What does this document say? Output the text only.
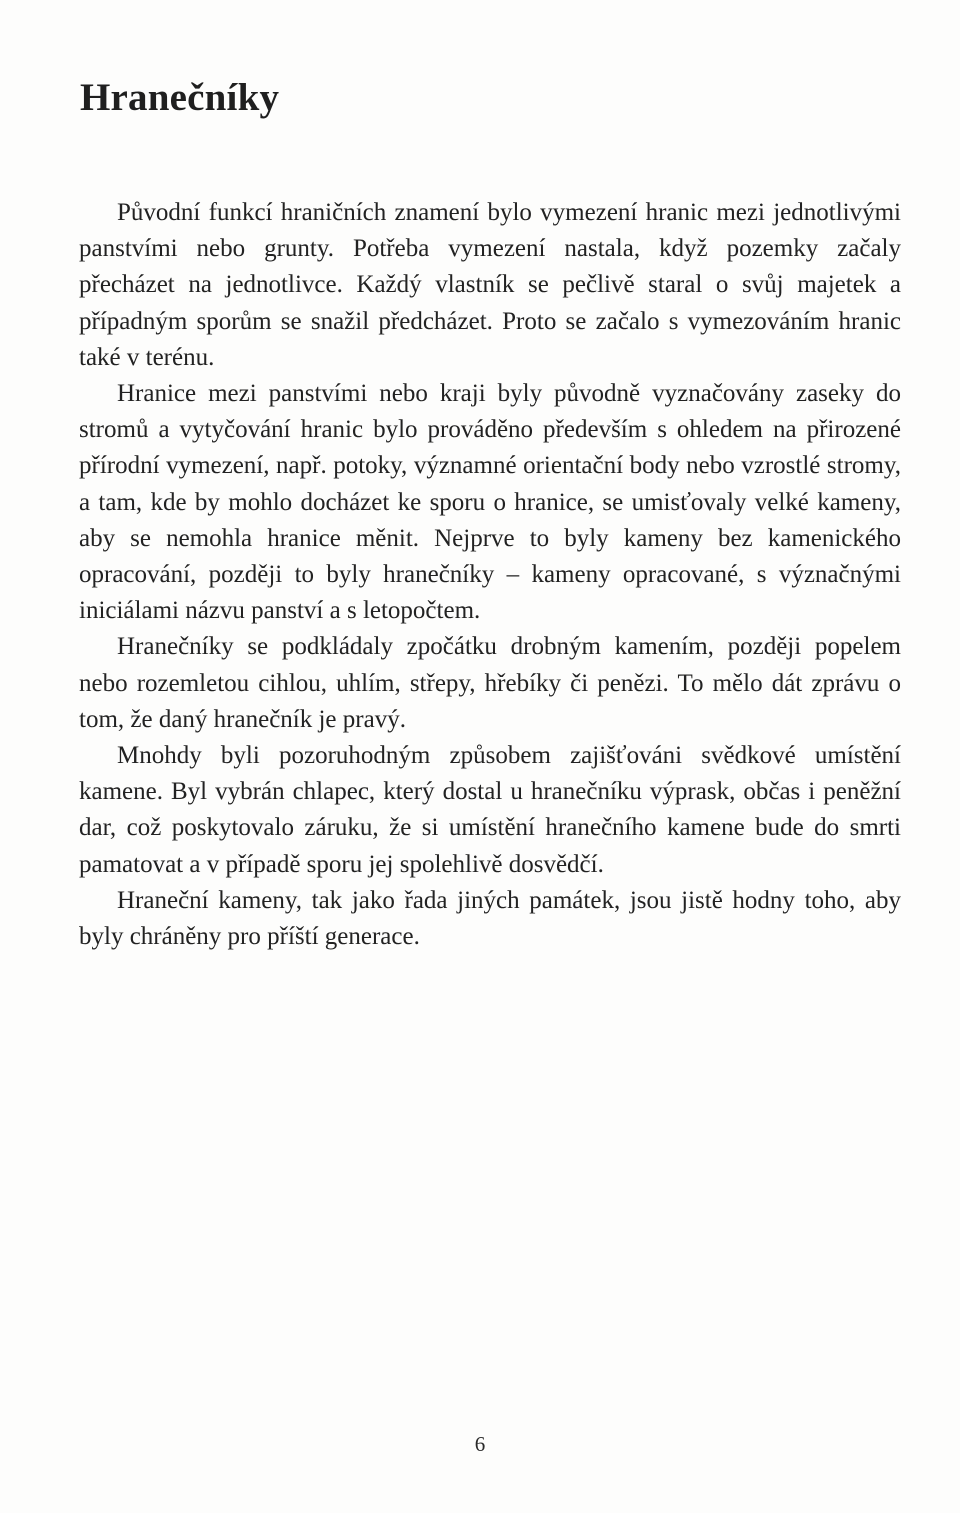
Hranečníky

Původní funkcí hraničních znamení bylo vymezení hranic mezi jednotlivými panstvími nebo grunty. Potřeba vymezení nastala, když pozemky začaly přecházet na jednotlivce. Každý vlastník se pečlivě staral o svůj majetek a případným sporům se snažil předcházet. Proto se začalo s vymezováním hranic také v terénu.

Hranice mezi panstvími nebo kraji byly původně vyznačovány zaseky do stromů a vytyčování hranic bylo prováděno především s ohledem na přirozené přírodní vymezení, např. potoky, významné orientační body nebo vzrostlé stromy, a tam, kde by mohlo docházet ke sporu o hranice, se umisťovaly velké kameny, aby se nemohla hranice měnit. Nejprve to byly kameny bez kamenického opracování, později to byly hranečníky – kameny opracované, s význačnými iniciálami názvu panství a s letopočtem.

Hranečníky se podkládaly zpočátku drobným kamením, později popelem nebo rozemletou cihlou, uhlím, střepy, hřebíky či penězi. To mělo dát zprávu o tom, že daný hranečník je pravý.

Mnohdy byli pozoruhodným způsobem zajišťováni svědkové umístění kamene. Byl vybrán chlapec, který dostal u hranečníku výprask, občas i peněžní dar, což poskytovalo záruku, že si umístění hranečního kamene bude do smrti pamatovat a v případě sporu jej spolehlivě dosvědčí.

Hraneční kameny, tak jako řada jiných památek, jsou jistě hodny toho, aby byly chráněny pro příští generace.

6
